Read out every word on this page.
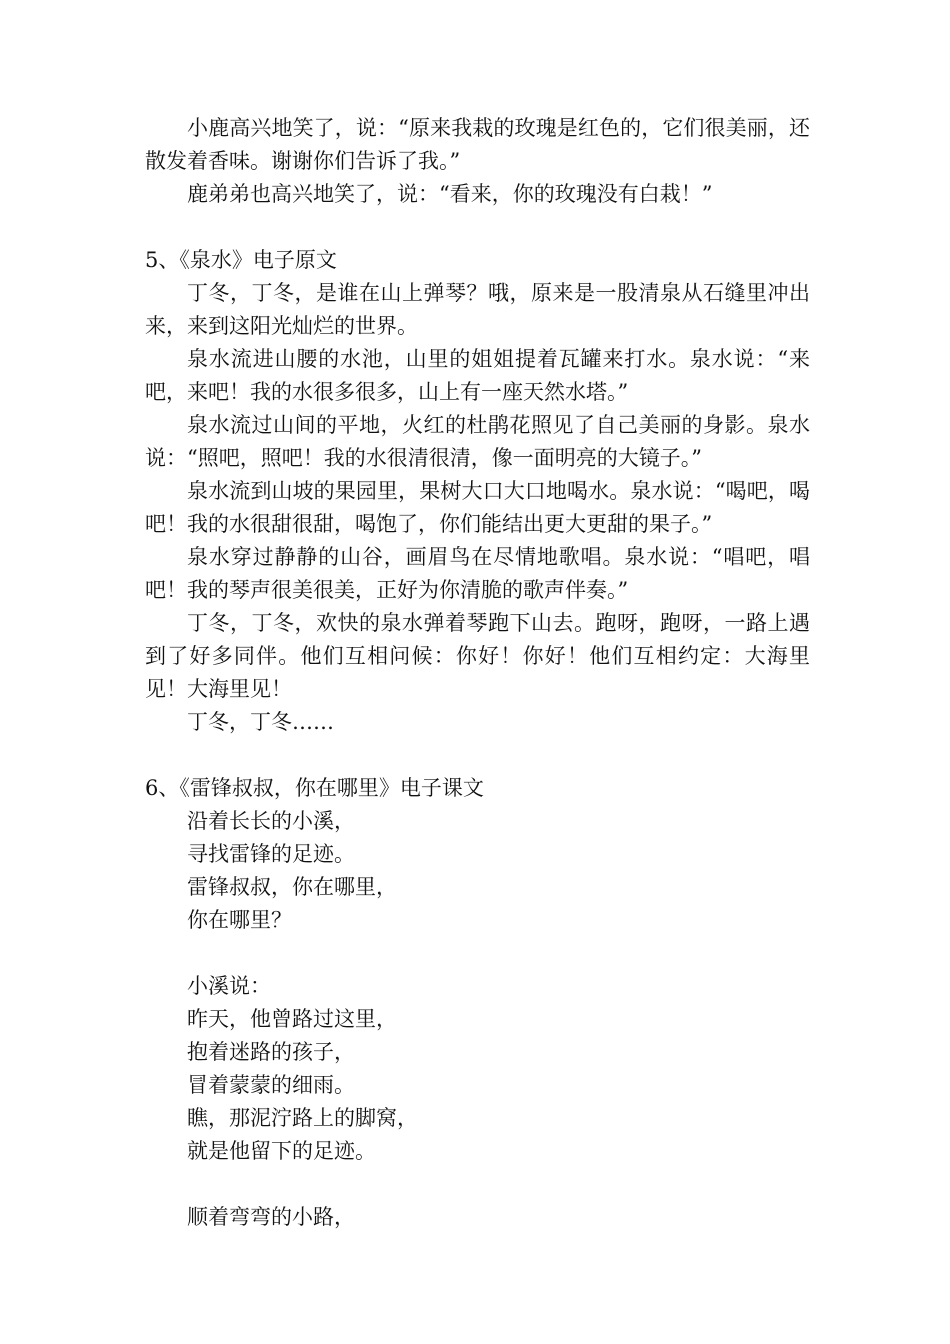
小鹿高兴地笑了，说：“原来我栽的玫瑰是红色的，它们很美丽，还散发着香味。谢谢你们告诉了我。”

鹿弟弟也高兴地笑了，说：“看来，你的玫瑰没有白栽！”

5、《泉水》电子原文

丁冬，丁冬，是谁在山上弹琴？哦，原来是一股清泉从石缝里冲出来，来到这阳光灿烂的世界。

泉水流进山腰的水池，山里的姐姐提着瓦罐来打水。泉水说：“来吧，来吧！我的水很多很多，山上有一座天然水塔。”

泉水流过山间的平地，火红的杜鹃花照见了自己美丽的身影。泉水说：“照吧，照吧！我的水很清很清，像一面明亮的大镜子。”

泉水流到山坡的果园里，果树大口大口地喝水。泉水说：“喝吧，喝吧！我的水很甜很甜，喝饱了，你们能结出更大更甜的果子。”

泉水穿过静静的山谷，画眉鸟在尽情地歌唱。泉水说：“唱吧，唱吧！我的琴声很美很美，正好为你清脆的歌声伴奏。”

丁冬，丁冬，欢快的泉水弹着琴跑下山去。跑呀，跑呀，一路上遇到了好多同伴。他们互相问候：你好！你好！他们互相约定：大海里见！大海里见！

丁冬，丁冬……

6、《雷锋叔叔，你在哪里》电子课文

沿着长长的小溪，

寻找雷锋的足迹。

雷锋叔叔，你在哪里，

你在哪里？

小溪说：

昨天，他曾路过这里，

抱着迷路的孩子，

冒着蒙蒙的细雨。

瞧，那泥泞路上的脚窝，

就是他留下的足迹。

顺着弯弯的小路，
